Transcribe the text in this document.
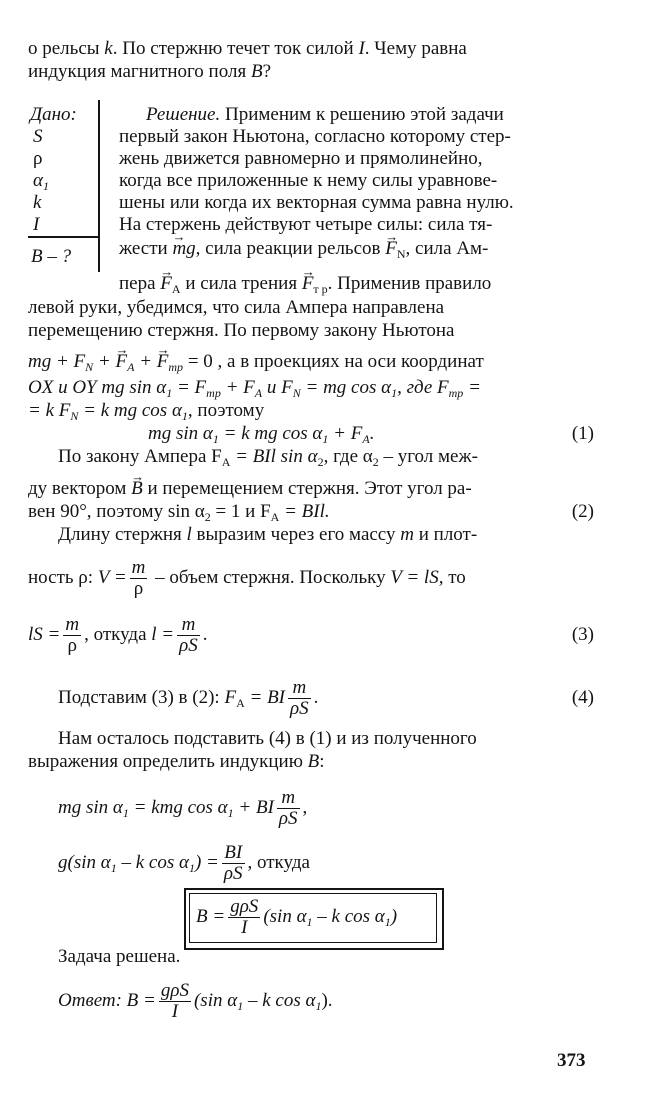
о рельсы k. По стержню течет ток силой I. Чему равна
индукция магнитного поля B?
Дано:
S
ρ
$\alpha_1$
k
I
B – ?
Решение. Применим к решению этой задачи
первый закон Ньютона, согласно которому стер-
жень движется равномерно и прямолинейно,
когда все приложенные к нему силы уравнове-
шены или когда их векторная сумма равна нулю.
На стержень действуют четыре силы: сила тя-
жести → mg, сила реакции рельсов → $F_N$, сила Ам-
пера → $F_A$ и сила трения → $F_{т р}$. Применив правило
левой руки, убедимся, что сила Ампера направлена
перемещению стержня. По первому закону Ньютона
mg + $F_N$ + → $F_A$ + → $F_{тр} = 0$ , а в проекциях на оси координат
OX и OY mg $\sin \alpha_1 = F_{тр} + F_A$ и $F_N$ = mg $\cos \alpha_1$, где $F_{тр}$ =
= k $F_N = k$ mg $\cos \alpha_1$, поэтому
mg $\sin \alpha_1 = k$ mg $\cos \alpha_1 + F_A$.	(1)
По закону Ампера $F_A$ = BIl $\sin \alpha_2$, где $\alpha_2$ – угол меж-
ду вектором → B и перемещением стержня. Этот угол ра-
вен 90°, поэтому $\sin \alpha_2 = 1$ и $F_A$ = BIl.	(2)
Длину стержня l выразим через его массу m и плот-
ность ρ: $V = \frac{m}{\rho}$ – объем стержня. Поскольку V = lS, то
lS = $\frac{m}{\rho}$ , откуда $l = \frac{m}{\rho S}$ .	(3)
Подставим (3) в (2): $F_A$ = BI $\frac{m}{\rho S}$ .	(4)
Нам осталось подставить (4) в (1) и из полученного
выражения определить индукцию B:
mg $\sin \alpha_1$ = kmg $\cos \alpha_1$ + BI $\frac{m}{\rho S}$ ,
g(sin $\alpha_1$ – k $\cos \alpha_1) = \frac{BI}{\rho S}$ , откуда
$B = \frac{\text{gρS}}{I} (\sin$ $\alpha_1$ – k $\cos \alpha_1$)
Задача решена.
Ответ: $B = \frac{\text{gρS}}{I} (\sin$ $\alpha_1$ – k $\cos \alpha_1$).
373
